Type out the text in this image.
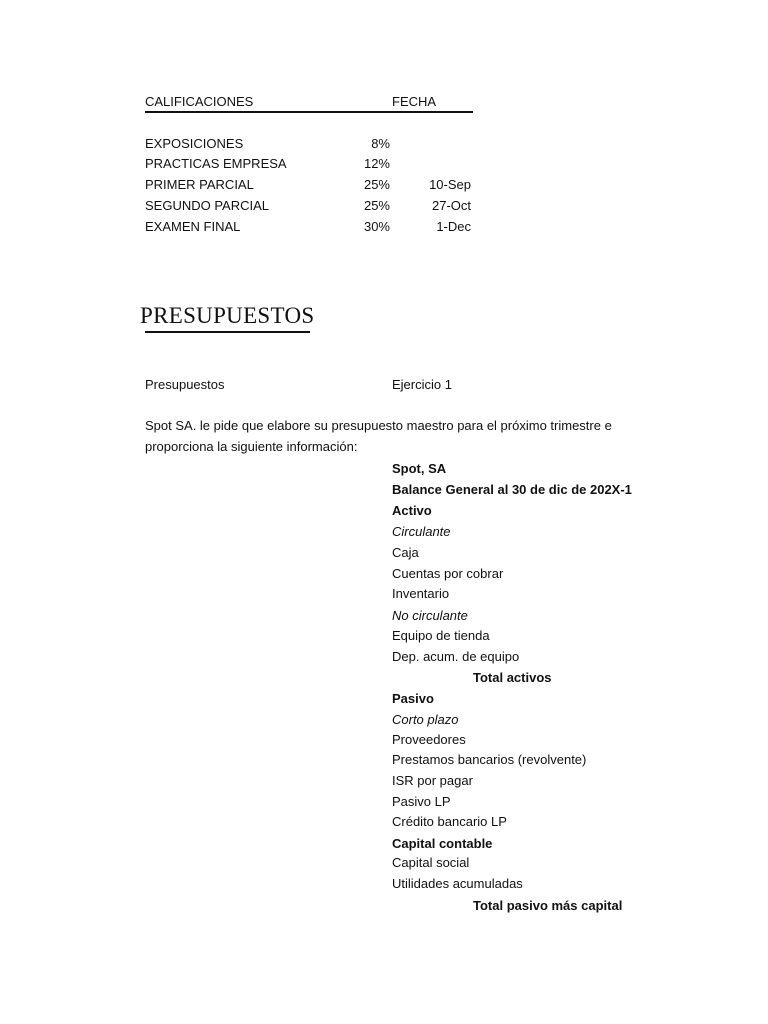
CALIFICACIONES	FECHA
EXPOSICIONES	8%
PRACTICAS EMPRESA	12%
PRIMER PARCIAL	25%	10-Sep
SEGUNDO PARCIAL	25%	27-Oct
EXAMEN FINAL	30%	1-Dec
PRESUPUESTOS
Presupuestos	Ejercicio 1
Spot SA. le pide que elabore su presupuesto maestro para el próximo trimestre e
proporciona la siguiente información:
Spot, SA
Balance General al 30 de dic de 202X-1
Activo
Circulante
Caja
Cuentas por cobrar
Inventario
No circulante
Equipo de tienda
Dep. acum. de equipo
Total activos
Pasivo
Corto plazo
Proveedores
Prestamos bancarios (revolvente)
ISR por pagar
Pasivo LP
Crédito bancario LP
Capital contable
Capital social
Utilidades acumuladas
Total pasivo más capital
